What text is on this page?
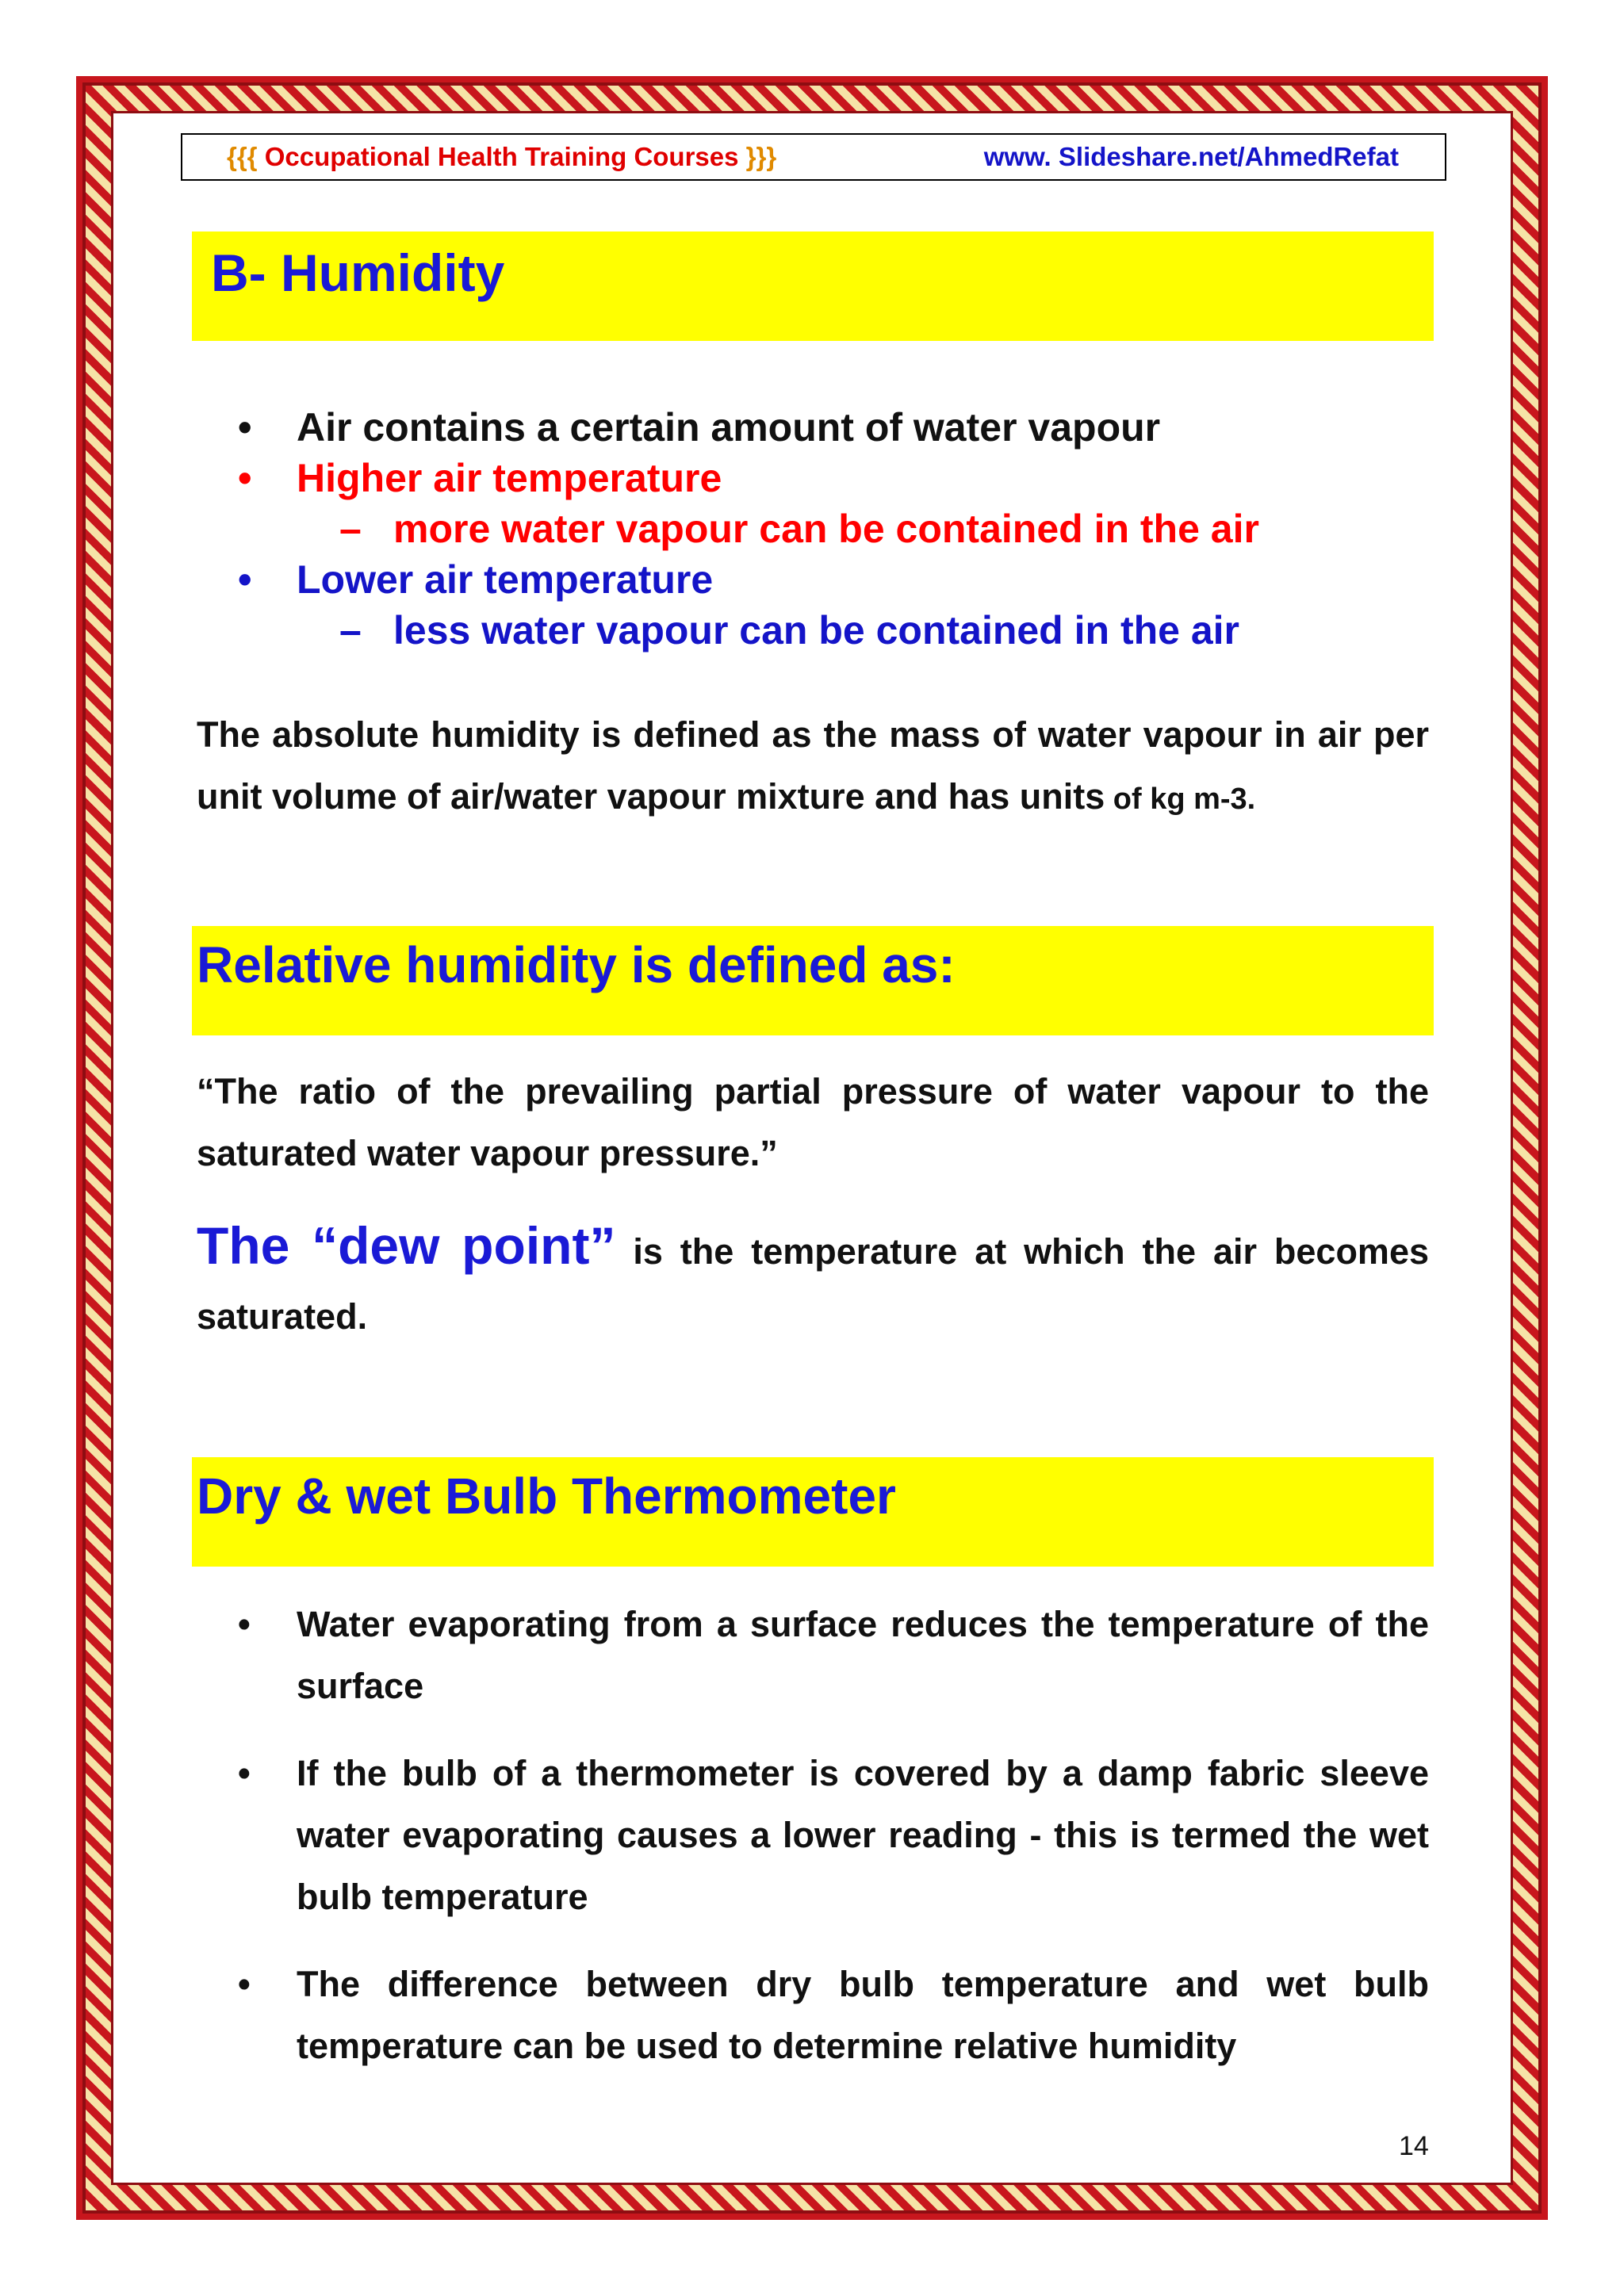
{{{ Occupational Health Training Courses }}}	www. Slideshare.net/AhmedRefat
B- Humidity
• Air contains a certain amount of water vapour
• Higher air temperature
– more water vapour can be contained in the air
• Lower air temperature
– less water vapour can be contained in the air
The absolute humidity is defined as the mass of water vapour in air per unit volume of air/water vapour mixture and has units of kg m-3.
Relative humidity is defined as:
“The ratio of the prevailing partial pressure of water vapour to the saturated water vapour pressure.”
The “dew point” is the temperature at which the air becomes saturated.
Dry & wet Bulb Thermometer
• Water evaporating from a surface reduces the temperature of the surface
• If the bulb of a thermometer is covered by a damp fabric sleeve water evaporating causes a lower reading - this is termed the wet bulb temperature
• The difference between dry bulb temperature and wet bulb temperature can be used to determine relative humidity
14
